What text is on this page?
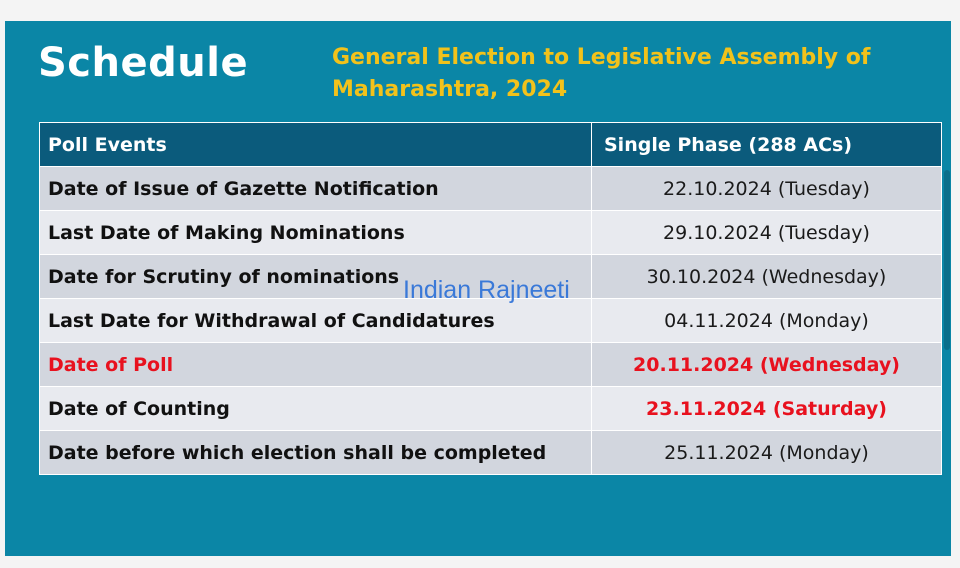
Schedule	General Election to Legislative Assembly of Maharashtra, 2024
Poll Events	Single Phase (288 ACs)
Date of Issue of Gazette Notification	22.10.2024 (Tuesday)
Last Date of Making Nominations	29.10.2024 (Tuesday)
Date for Scrutiny of nominations	30.10.2024 (Wednesday)
Last Date for Withdrawal of Candidatures	04.11.2024 (Monday)
Date of Poll	20.11.2024 (Wednesday)
Date of Counting	23.11.2024 (Saturday)
Date before which election shall be completed	25.11.2024 (Monday)
Indian Rajneeti
